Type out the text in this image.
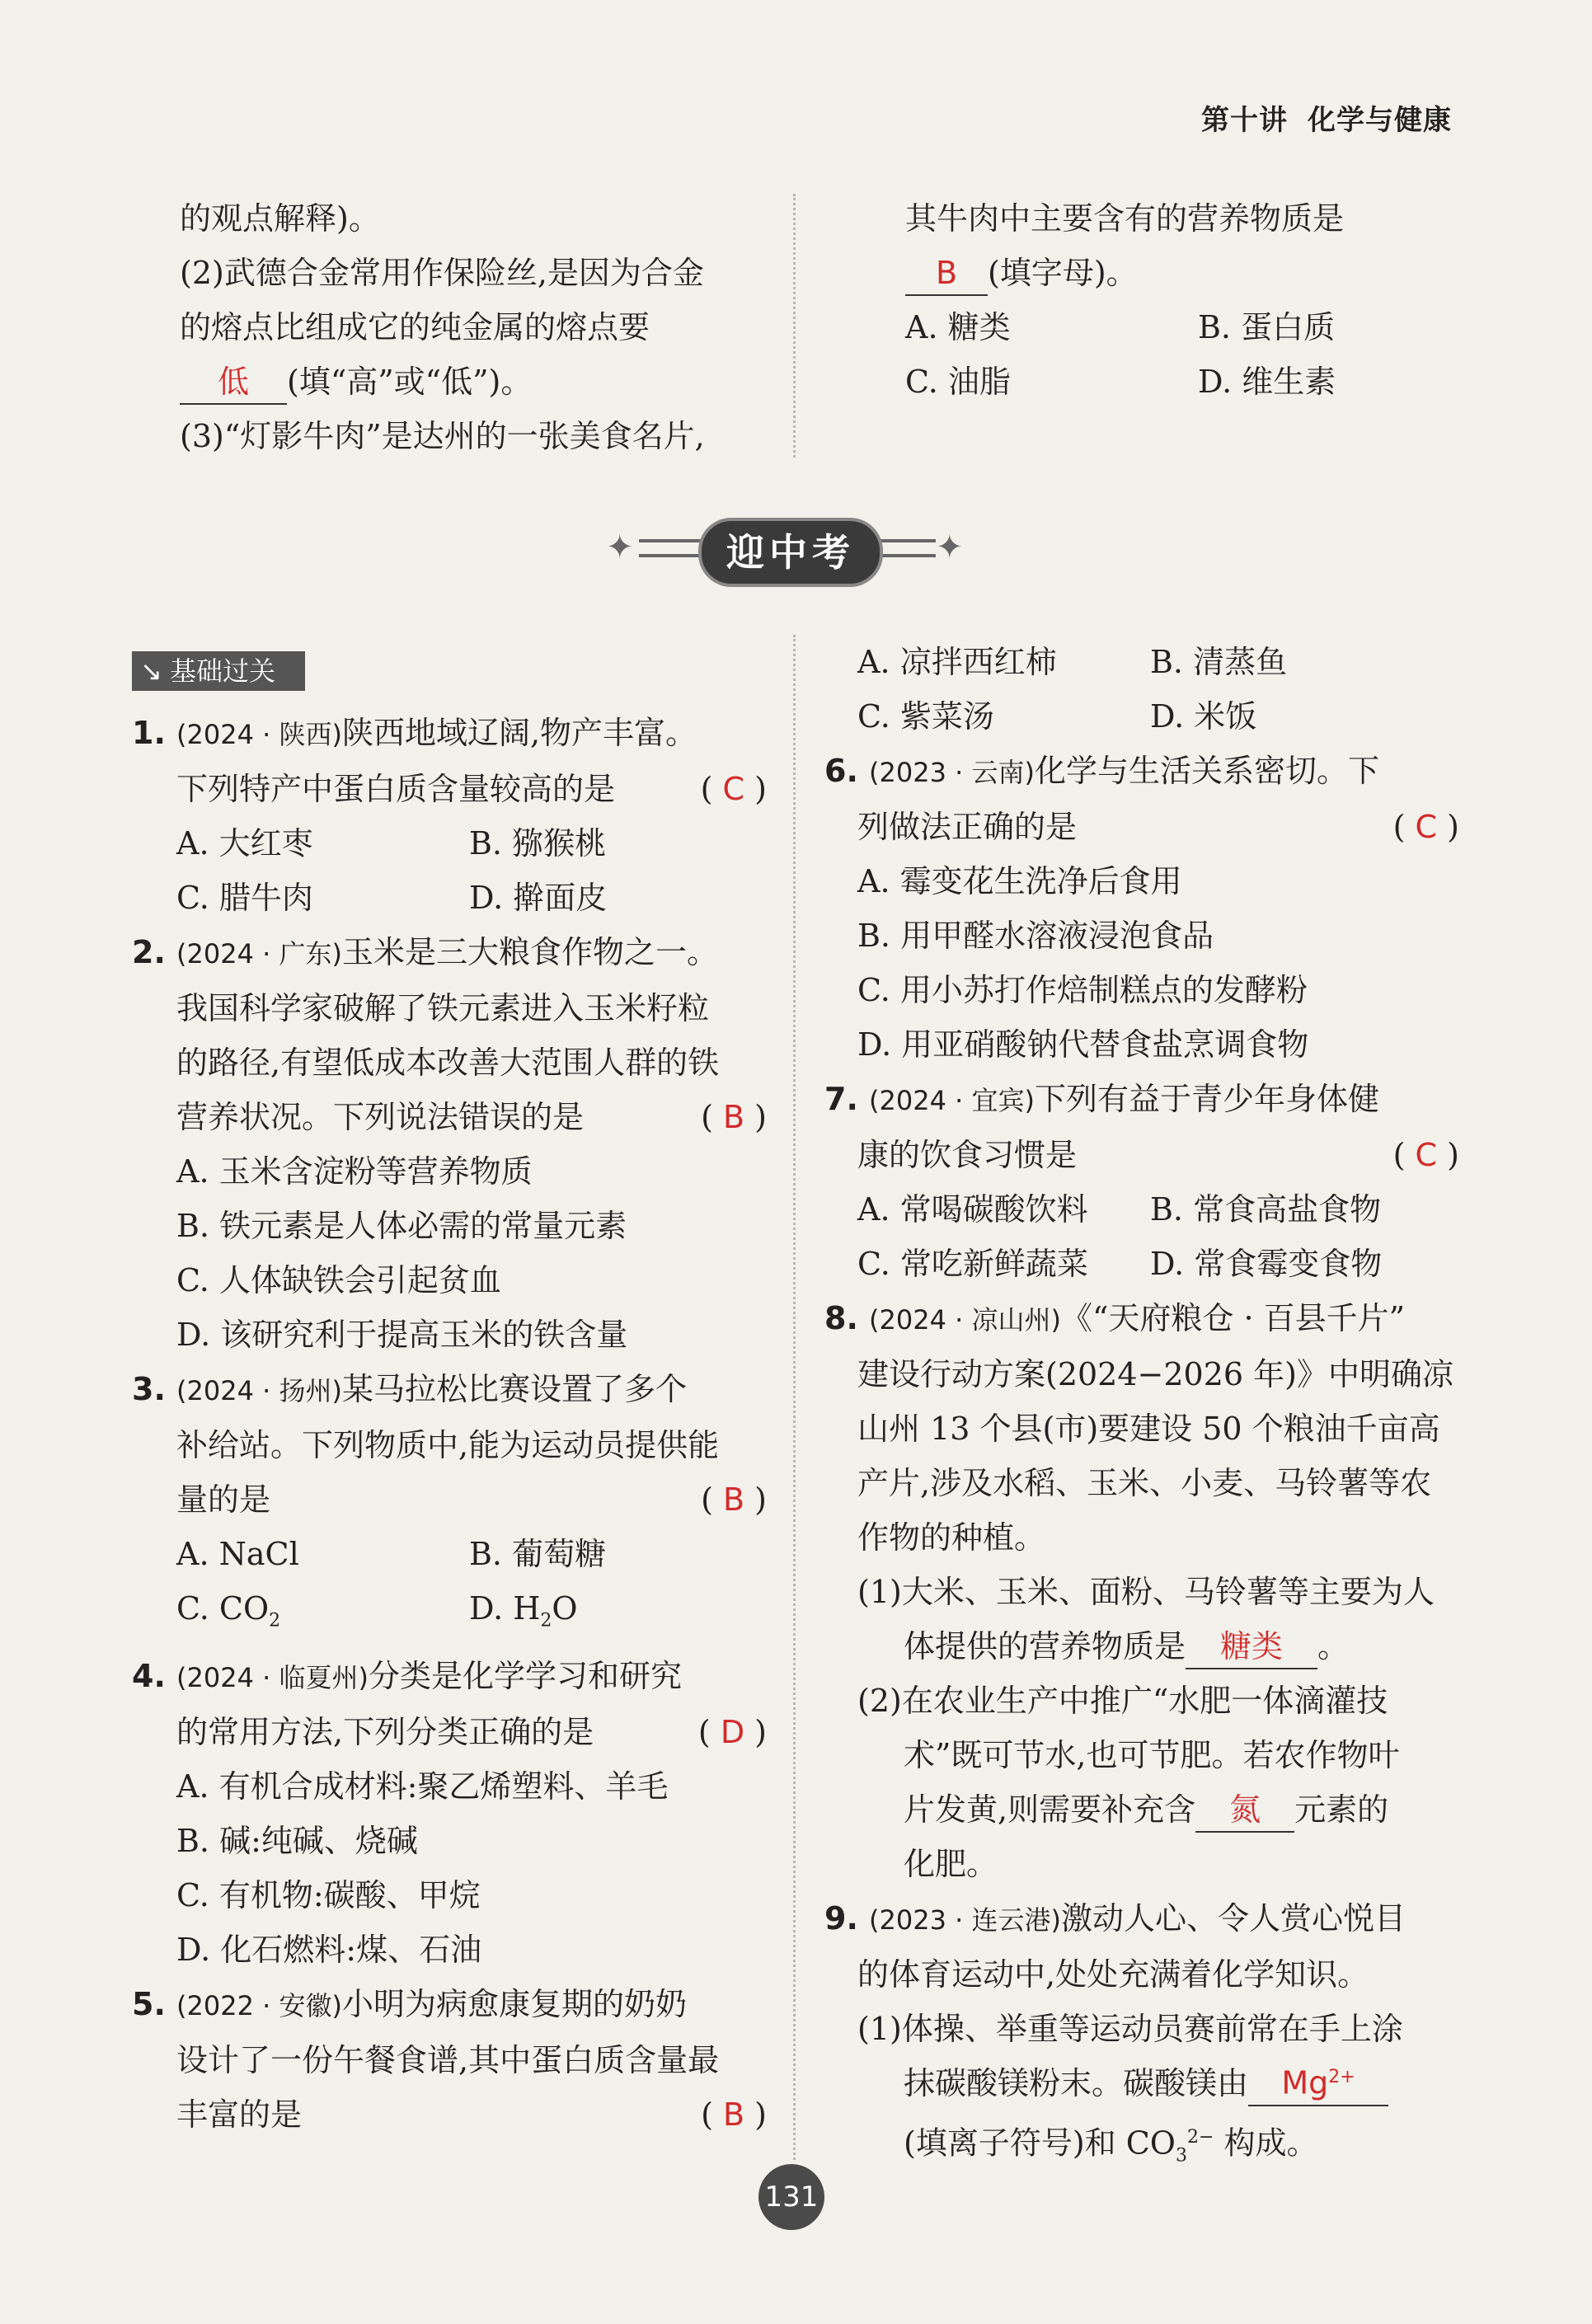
第十讲 化学与健康
的观点解释)。
(2)武德合金常用作保险丝,是因为合金
的熔点比组成它的纯金属的熔点要
低 (填“高”或“低”)。
(3)“灯影牛肉”是达州的一张美食名片,
其牛肉中主要含有的营养物质是
B (填字母)。
A. 糖类	B. 蛋白质
C. 油脂	D. 维生素
✦	✦
迎中考
↘ 基础过关
1. (2024 · 陕西)陕西地域辽阔,物产丰富。
下列特产中蛋白质含量较高的是	( C )
A. 大红枣	B. 猕猴桃
C. 腊牛肉	D. 擀面皮
2. (2024 · 广东)玉米是三大粮食作物之一。
我国科学家破解了铁元素进入玉米籽粒
的路径,有望低成本改善大范围人群的铁
营养状况。下列说法错误的是	( B )
A. 玉米含淀粉等营养物质
B. 铁元素是人体必需的常量元素
C. 人体缺铁会引起贫血
D. 该研究利于提高玉米的铁含量
3. (2024 · 扬州)某马拉松比赛设置了多个
补给站。下列物质中,能为运动员提供能
量的是	( B )
A. NaCl	B. 葡萄糖
C. $CO_2$	D. $H_2O$
4. (2024 · 临夏州)分类是化学学习和研究
的常用方法,下列分类正确的是	( D )
A. 有机合成材料:聚乙烯塑料、羊毛
B. 碱:纯碱、烧碱
C. 有机物:碳酸、甲烷
D. 化石燃料:煤、石油
5. (2022 · 安徽)小明为病愈康复期的奶奶
设计了一份午餐食谱,其中蛋白质含量最
丰富的是	( B )
A. 凉拌西红柿	B. 清蒸鱼
C. 紫菜汤	D. 米饭
6. (2023 · 云南)化学与生活关系密切。下
列做法正确的是	( C )
A. 霉变花生洗净后食用
B. 用甲醛水溶液浸泡食品
C. 用小苏打作焙制糕点的发酵粉
D. 用亚硝酸钠代替食盐烹调食物
7. (2024 · 宜宾)下列有益于青少年身体健
康的饮食习惯是	( C )
A. 常喝碳酸饮料	B. 常食高盐食物
C. 常吃新鲜蔬菜	D. 常食霉变食物
8. (2024 · 凉山州)《“天府粮仓 · 百县千片”
建设行动方案(2024−2026 年)》中明确凉
山州 13 个县(市)要建设 50 个粮油千亩高
产片,涉及水稻、玉米、小麦、马铃薯等农
作物的种植。
(1)大米、玉米、面粉、马铃薯等主要为人
体提供的营养物质是 糖类 。
(2)在农业生产中推广“水肥一体滴灌技
术”既可节水,也可节肥。若农作物叶
片发黄,则需要补充含 氮 元素的
化肥。
9. (2023 · 连云港)激动人心、令人赏心悦目
的体育运动中,处处充满着化学知识。
(1)体操、举重等运动员赛前常在手上涂
抹碳酸镁粉末。碳酸镁由 $Mg^{2+}$
(填离子符号)和 $CO_3^{2-}$ 构成。
131
